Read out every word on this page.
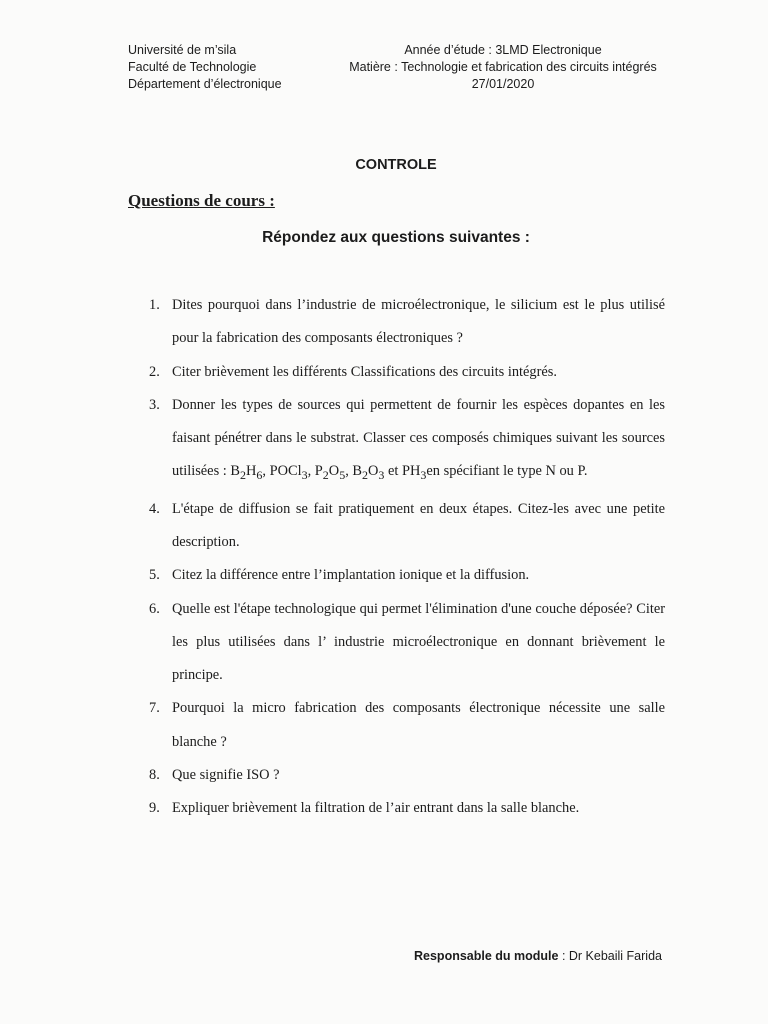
Université de m’sila
Faculté de Technologie
Département d’électronique
Année d’étude : 3LMD Electronique
Matière : Technologie et fabrication des circuits intégrés
27/01/2020
CONTROLE
Questions de cours :
Répondez aux questions suivantes :
1. Dites pourquoi dans l’industrie de microélectronique, le silicium est le plus utilisé pour la fabrication des composants électroniques ?
2. Citer brièvement les différents Classifications des circuits intégrés.
3. Donner les types de sources qui permettent de fournir les espèces dopantes en les faisant pénétrer dans le substrat. Classer ces composés chimiques suivant les sources utilisées : $B_2H_6$, POCl$_3$, $P_2O_5$, $B_2O_3$ et $PH_3en$ spécifiant le type N ou P.
4. L'étape de diffusion se fait pratiquement en deux étapes. Citez-les avec une petite description.
5. Citez la différence entre l’implantation ionique et la diffusion.
6. Quelle est l'étape technologique qui permet l'élimination d'une couche déposée? Citer les plus utilisées dans l’ industrie microélectronique en donnant brièvement le principe.
7. Pourquoi la micro fabrication des composants électronique nécessite une salle blanche ?
8. Que signifie ISO ?
9. Expliquer brièvement la filtration de l’air entrant dans la salle blanche.
Responsable du module : Dr Kebaili Farida
